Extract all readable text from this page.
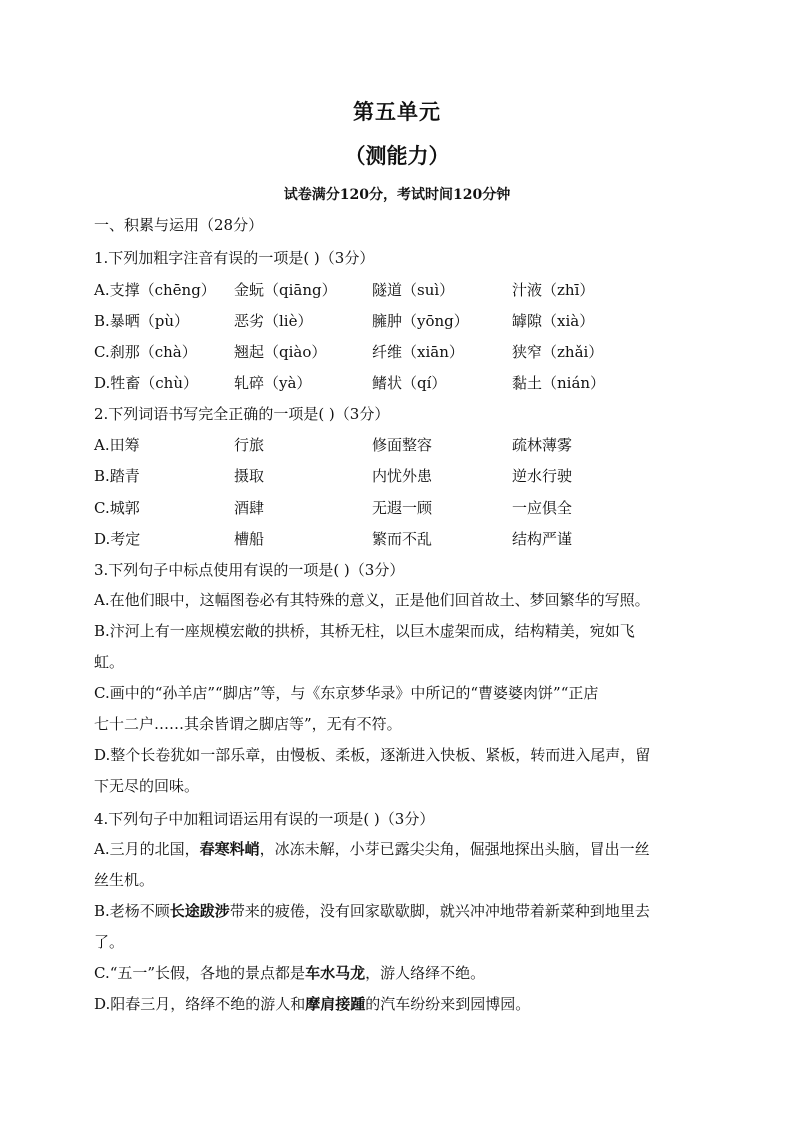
第五单元
（测能力）
试卷满分120分，考试时间120分钟
一、积累与运用（28分）
1.下列加粗字注音有误的一项是( )（3分）
A.支撑（chēng） 金蚖（qiāng） 隧道（suì）	汁液（zhī）
B.暴晒（pù）	恶劣（liè）	臃肿（yōng）	罅隙（xià）
C.刹那（chà） 翘起（qiào）	纤维（xiān）	狭窄（zhǎi）
D.牲畜（chù） 轧碎（yà）	鳍状（qí）	黏土（nián）
2.下列词语书写完全正确的一项是( )（3分）
A.田筹	行旅	修面整容	疏林薄雾
B.踏青	摄取	内忧外患	逆水行驶
C.城郭	酒肆	无遐一顾	一应俱全
D.考定	槽船	繁而不乱	结构严谨
3.下列句子中标点使用有误的一项是( )（3分）
A.在他们眼中，这幅图卷必有其特殊的意义，正是他们回首故土、梦回繁华的写照。
B.汴河上有一座规模宏敞的拱桥，其桥无柱，以巨木虚架而成，结构精美，宛如飞
虹。
C.画中的“孙羊店”“脚店”等，与《东京梦华录》中所记的“曹婆婆肉饼”“正店
七十二户……其余皆谓之脚店等”，无有不符。
D.整个长卷犹如一部乐章，由慢板、柔板，逐渐进入快板、紧板，转而进入尾声，留
下无尽的回味。
4.下列句子中加粗词语运用有误的一项是( )（3分）
A.三月的北国，春寒料峭，冰冻未解，小芽已露尖尖角，倔强地探出头脑，冒出一丝
丝生机。
B.老杨不顾长途跋涉带来的疲倦，没有回家歇歇脚，就兴冲冲地带着新菜种到地里去
了。
C.“五一”长假，各地的景点都是车水马龙，游人络绎不绝。
D.阳春三月，络绎不绝的游人和摩肩接踵的汽车纷纷来到园博园。
